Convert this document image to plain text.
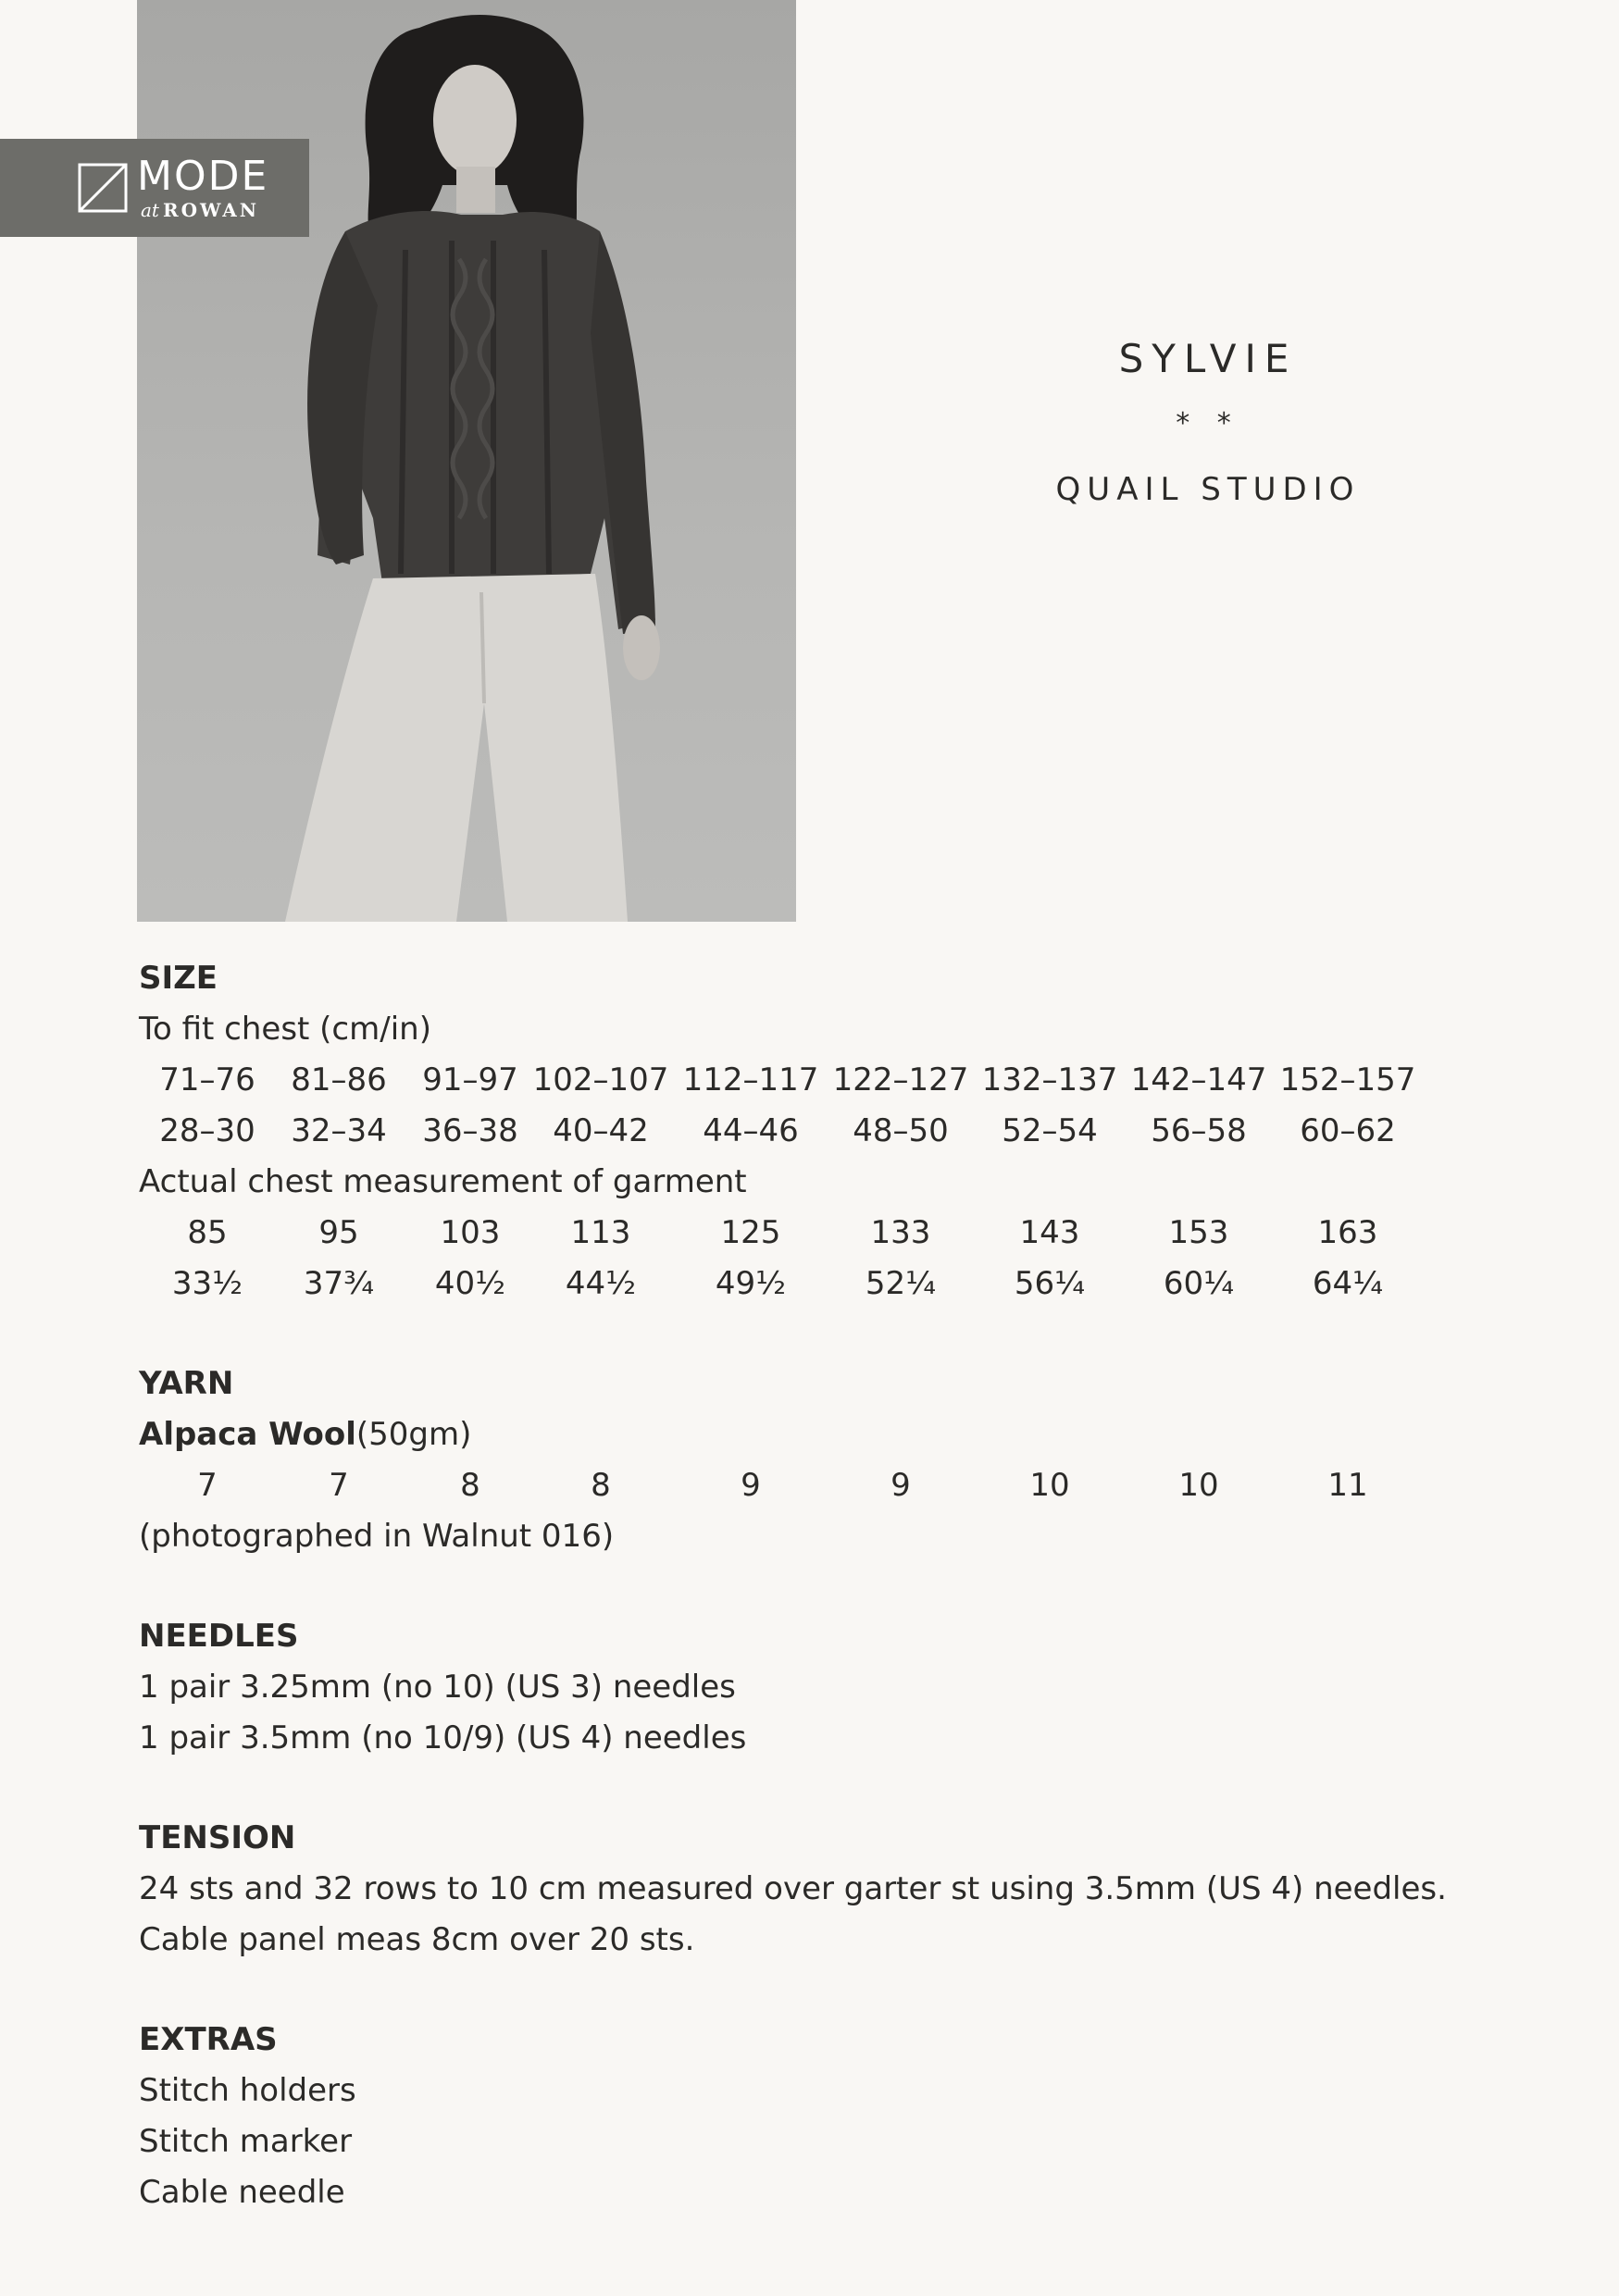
MODE
at ROWAN
SYLVIE
* *
QUAIL STUDIO
SIZE
To fit chest (cm/in)
71–76	81–86	91–97 102–107 112–117 122–127 132–137 142–147 152–157
28–30	32–34	36–38	40–42	44–46	48–50	52–54	56–58	60–62
Actual chest measurement of garment
85	95	103	113	125	133	143	153	163
33½	37¾	40½	44½	49½	52¼	56¼	60¼	64¼
YARN
Alpaca Wool(50gm)
7	7	8	8	9	9	10	10	11
(photographed in Walnut 016)
NEEDLES
1 pair 3.25mm (no 10) (US 3) needles
1 pair 3.5mm (no 10/9) (US 4) needles
TENSION
24 sts and 32 rows to 10 cm measured over garter st using 3.5mm (US 4) needles.
Cable panel meas 8cm over 20 sts.
EXTRAS
Stitch holders
Stitch marker
Cable needle
